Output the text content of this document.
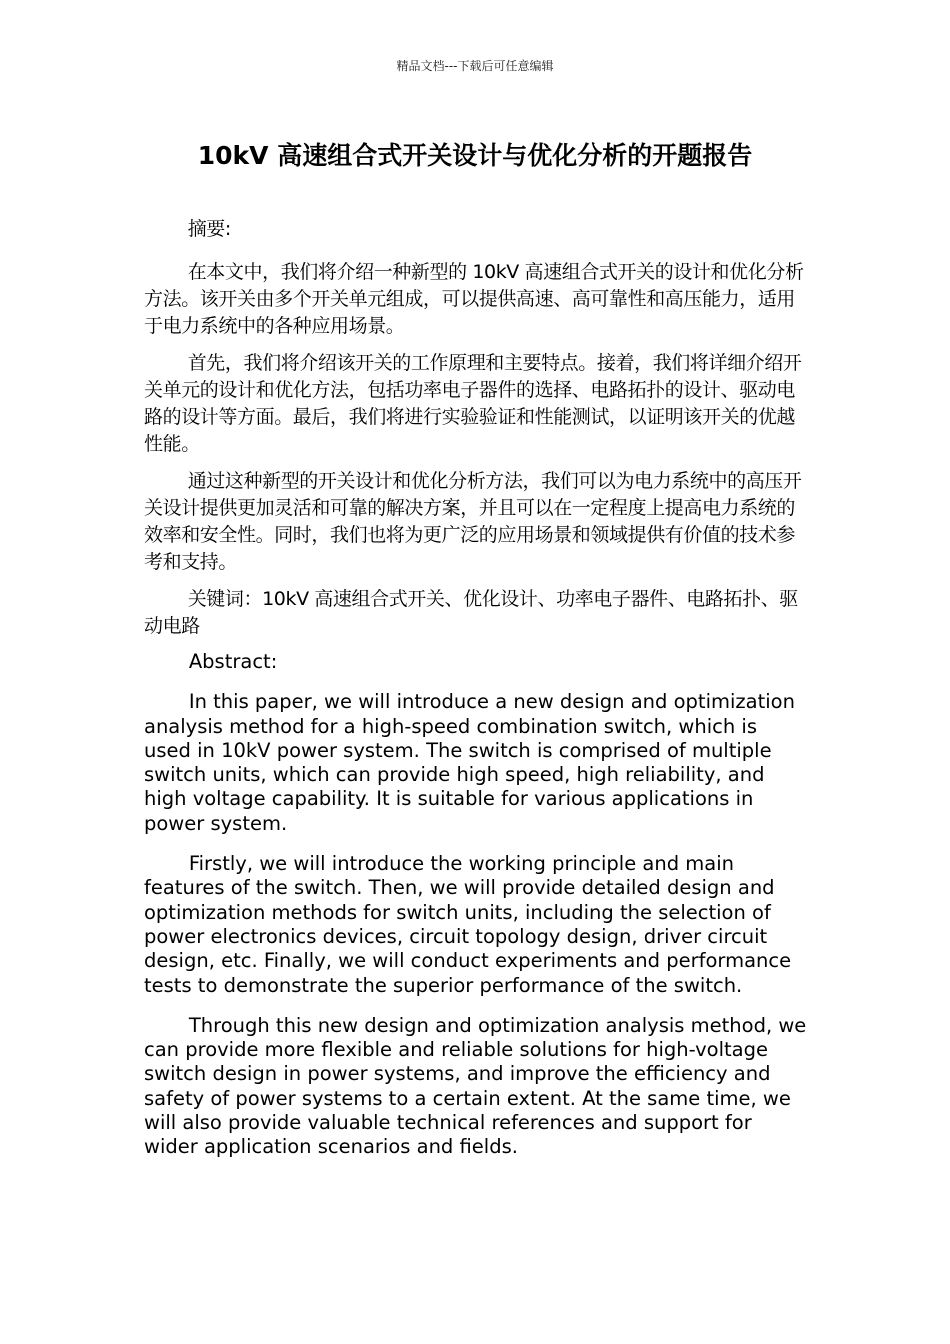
精品文档---下载后可任意编辑
10kV 高速组合式开关设计与优化分析的开题报告

摘要:

在本文中，我们将介绍一种新型的 10kV 高速组合式开关的设计和优化分析方法。该开关由多个开关单元组成，可以提供高速、高可靠性和高压能力，适用于电力系统中的各种应用场景。

首先，我们将介绍该开关的工作原理和主要特点。接着，我们将详细介绍开关单元的设计和优化方法，包括功率电子器件的选择、电路拓扑的设计、驱动电路的设计等方面。最后，我们将进行实验验证和性能测试，以证明该开关的优越性能。

通过这种新型的开关设计和优化分析方法，我们可以为电力系统中的高压开关设计提供更加灵活和可靠的解决方案，并且可以在一定程度上提高电力系统的效率和安全性。同时，我们也将为更广泛的应用场景和领域提供有价值的技术参考和支持。

关键词：10kV 高速组合式开关、优化设计、功率电子器件、电路拓扑、驱动电路

Abstract:

In this paper, we will introduce a new design and optimization analysis method for a high-speed combination switch, which is used in 10kV power system. The switch is comprised of multiple switch units, which can provide high speed, high reliability, and high voltage capability. It is suitable for various applications in power system.

Firstly, we will introduce the working principle and main features of the switch. Then, we will provide detailed design and optimization methods for switch units, including the selection of power electronics devices, circuit topology design, driver circuit design, etc. Finally, we will conduct experiments and performance tests to demonstrate the superior performance of the switch.

Through this new design and optimization analysis method, we can provide more flexible and reliable solutions for high-voltage switch design in power systems, and improve the efficiency and safety of power systems to a certain extent. At the same time, we will also provide valuable technical references and support for wider application scenarios and fields.
